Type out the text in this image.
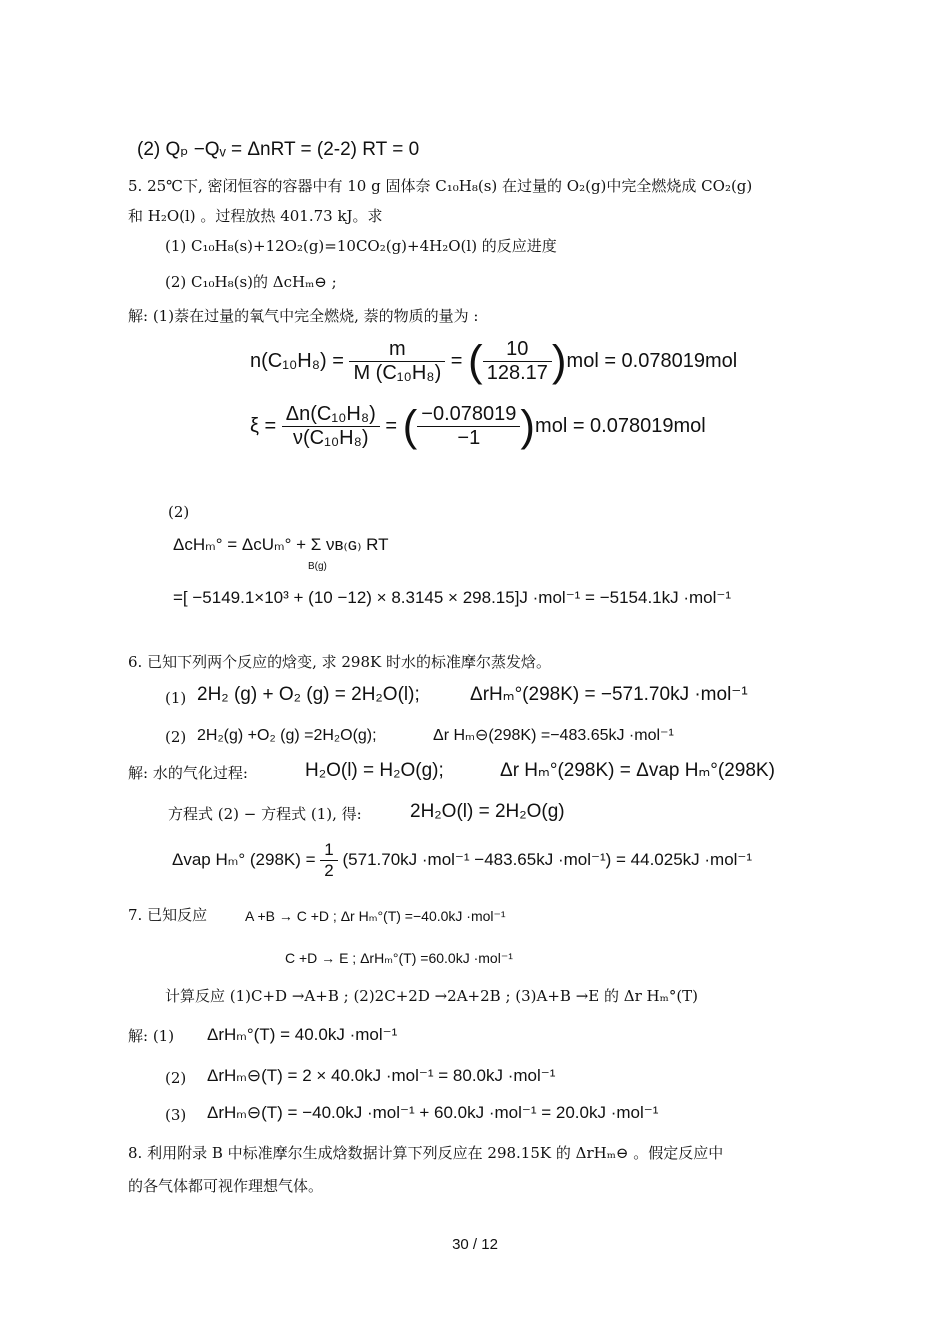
(2) Qₚ −Qᵥ = ΔnRT = (2-2) RT = 0
5. 25℃下, 密闭恒容的容器中有 10 g 固体奈 C₁₀H₈(s) 在过量的 O₂(g)中完全燃烧成 CO₂(g)
和 H₂O(l) 。过程放热 401.73 kJ。求
(1) C₁₀H₈(s)+12O₂(g)=10CO₂(g)+4H₂O(l) 的反应进度
(2) C₁₀H₈(s)的 ΔcHₘ⊖ ;
解: (1)萘在过量的氧气中完全燃烧, 萘的物质的量为 :
$n(C_{10}H_8) = \frac{m}{\text{M (C₁₀H₈)}}$ = ( $\frac{10}{128.17} )mol = 0.078019mol$
$\xi = \frac{\text{Δn(C₁₀H₈)}}{\text{ν(C₁₀H₈)}}$ = ( $\frac{-0.078019}{-1} )mol = 0.078019mol$
(2)
ΔcHₘ° = ΔcUₘ° + Σ νʙ₍ɢ₎ RT
B(g)
=[ −5149.1×10³ + (10 −12) × 8.3145 × 298.15]J ·mol⁻¹ = −5154.1kJ ·mol⁻¹
6. 已知下列两个反应的焓变, 求 298K 时水的标准摩尔蒸发焓。
(1) 2H₂ (g) + O₂ (g) = 2H₂O(l);	ΔrHₘ°(298K) = −571.70kJ ·mol⁻¹
(2) 2H₂(g) +O₂ (g) =2H₂O(g);	Δr Hₘ⊖(298K) =−483.65kJ ·mol⁻¹
解: 水的气化过程:	H₂O(l) = H₂O(g);	Δr Hₘ°(298K) = Δvap Hₘ°(298K)
方程式 (2) − 方程式 (1), 得:	2H₂O(l) = 2H₂O(g)
Δvap Hₘ° $(298K) = \frac{1}{2} (571.70kJ \cdot mol^{-1} -483.65kJ \cdot mol^{-1}) = 44.025kJ \cdot mol^{-1}$
7. 已知反应	A +B → C +D ; Δr Hₘ°(T) =−40.0kJ ·mol⁻¹
C +D → E ; ΔrHₘ°(T) =60.0kJ ·mol⁻¹
计算反应 (1)C+D →A+B ; (2)2C+2D →2A+2B ; (3)A+B →E 的 Δr Hₘ°(T)
解: (1) ΔrHₘ°(T) = 40.0kJ ·mol⁻¹
(2) ΔrHₘ⊖(T) = 2 × 40.0kJ ·mol⁻¹ = 80.0kJ ·mol⁻¹
(3) ΔrHₘ⊖(T) = −40.0kJ ·mol⁻¹ + 60.0kJ ·mol⁻¹ = 20.0kJ ·mol⁻¹
8. 利用附录 B 中标准摩尔生成焓数据计算下列反应在 298.15K 的 ΔrHₘ⊖ 。假定反应中
的各气体都可视作理想气体。
30 / 12
